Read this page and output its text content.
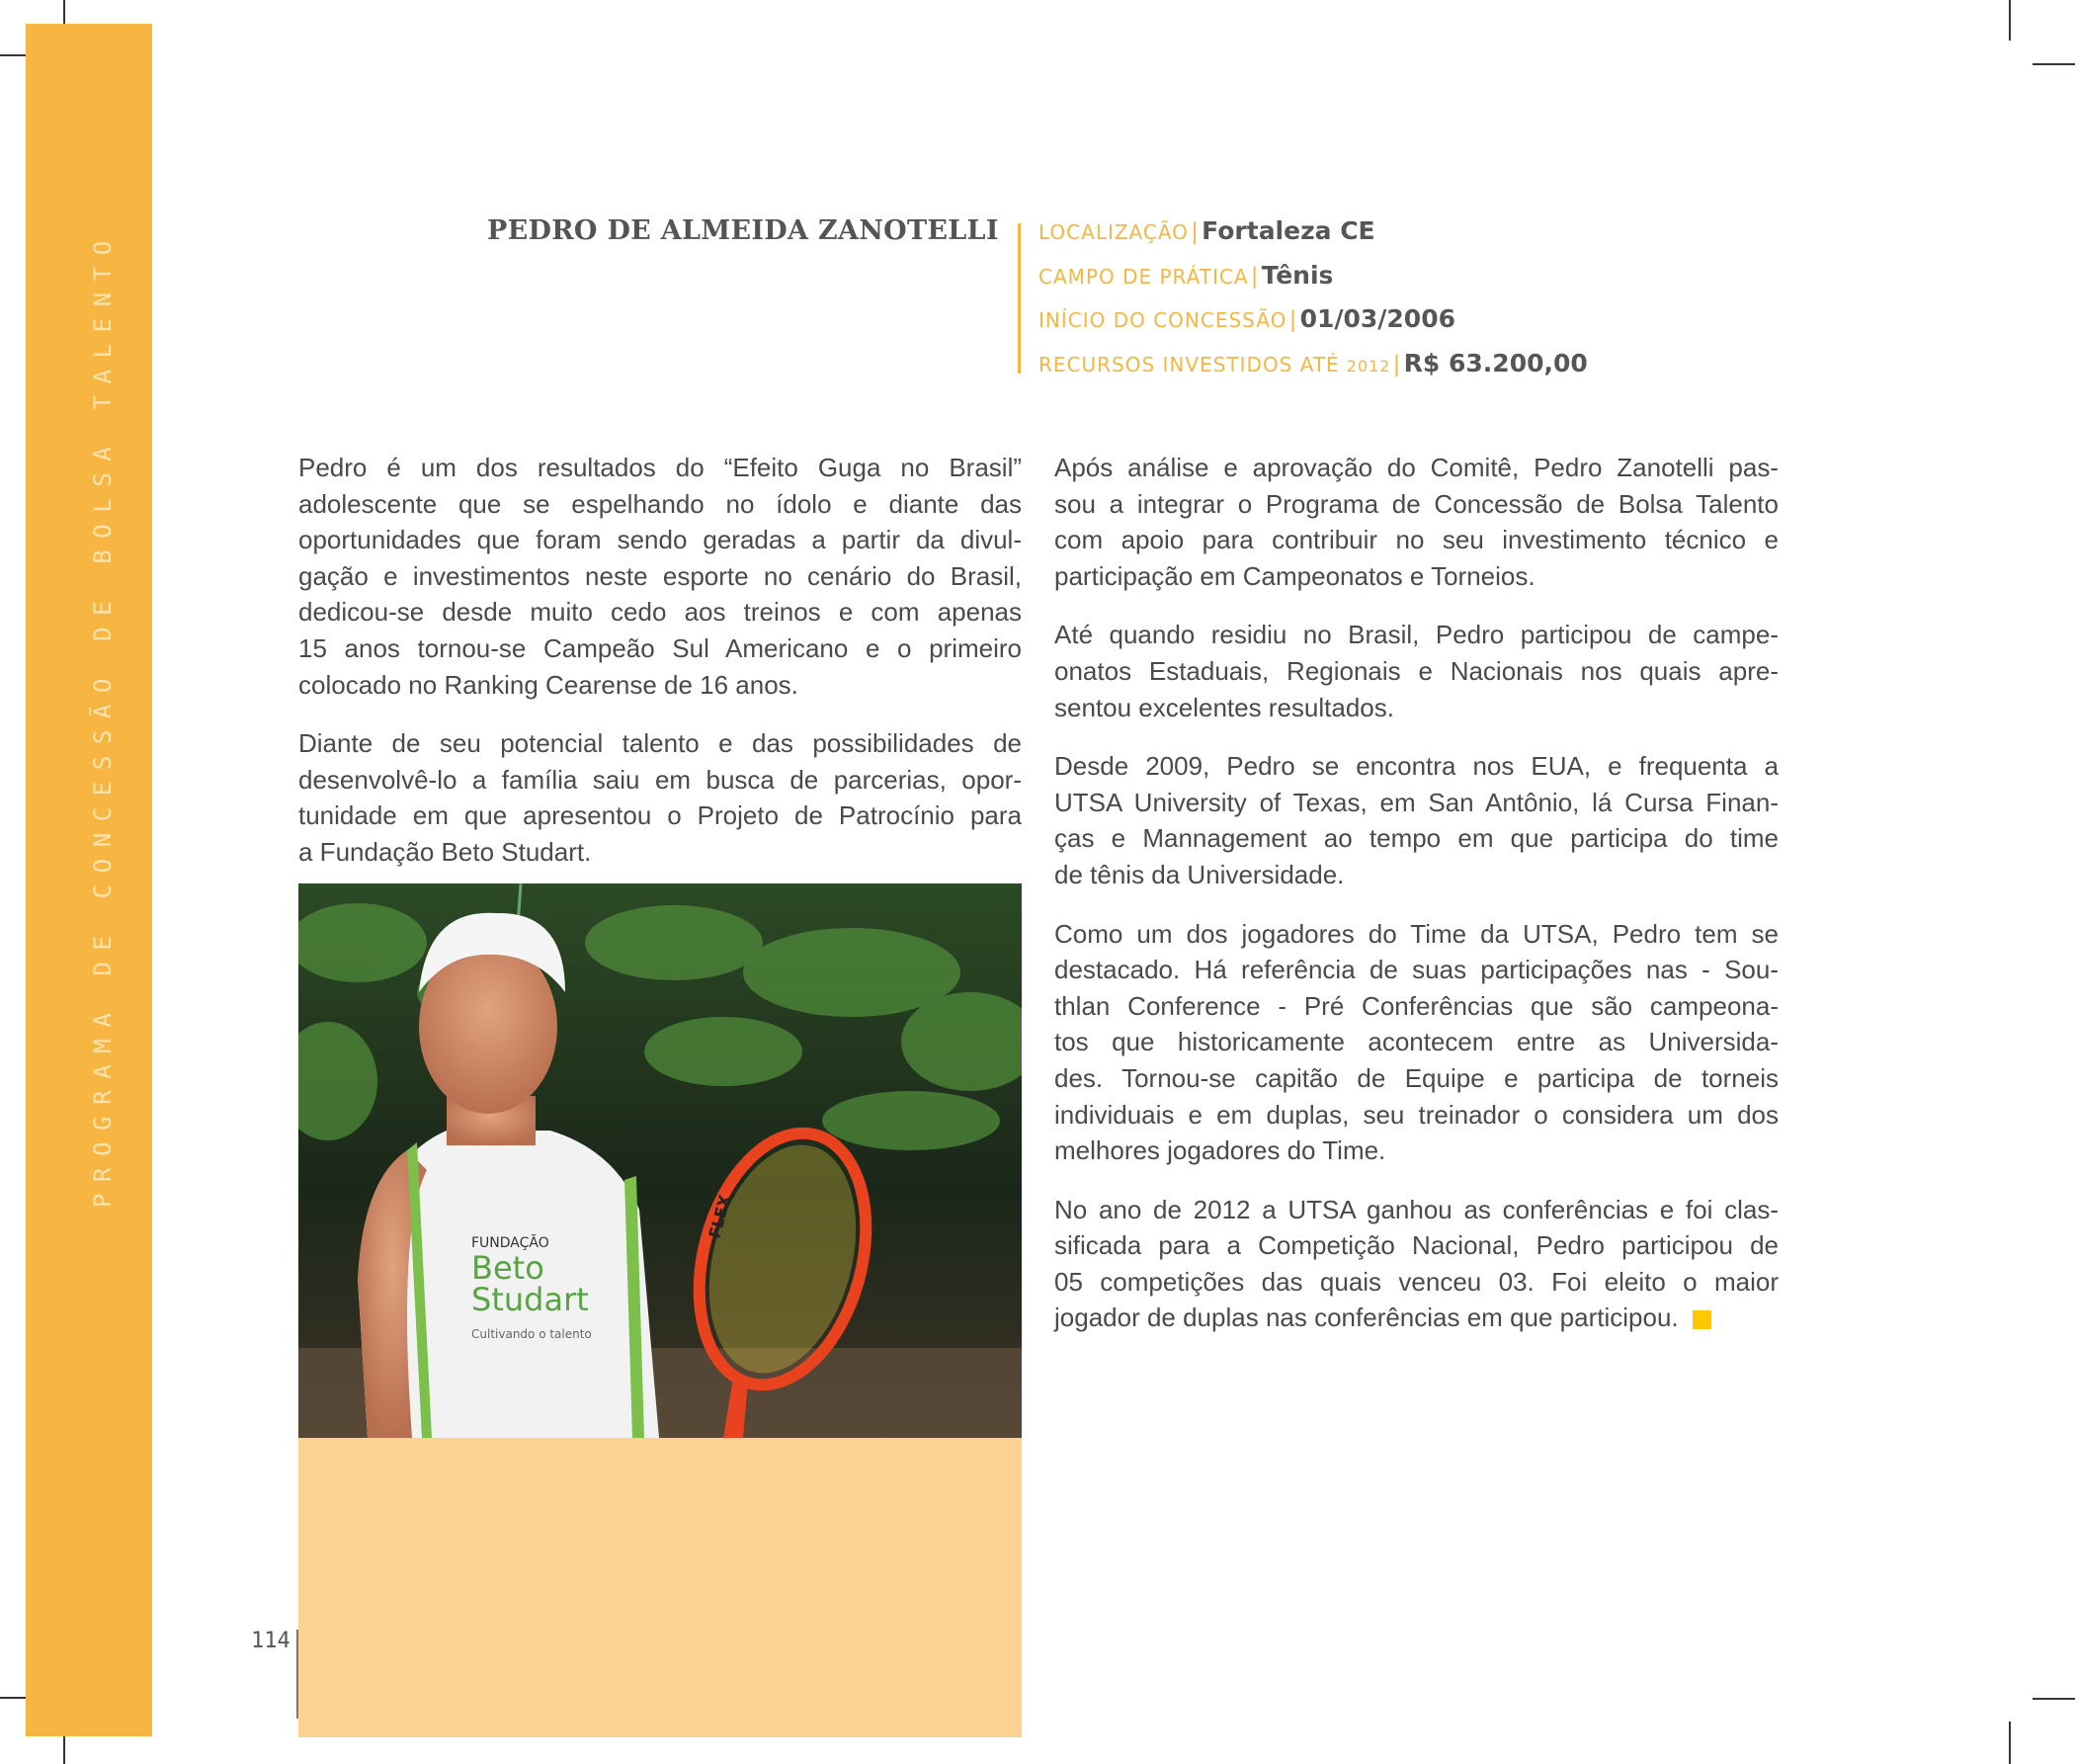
PROGRAMA DE CONCESSÃO DE BOLSA TALENTO	PEDRO DE ALMEIDA ZANOTELLI	LOCALIZAÇÃO | Fortaleza CE
CAMPO DE PRÁTICA | Tênis
INÍCIO DO CONCESSÃO | 01/03/2006
RECURSOS INVESTIDOS ATÉ 2012 | R$ 63.200,00

Pedro é um dos resultados do “Efeito Guga no Brasil”
adolescente que se espelhando no ídolo e diante das
oportunidades que foram sendo geradas a partir da divul-
gação e investimentos neste esporte no cenário do Brasil,
dedicou-se desde muito cedo aos treinos e com apenas
15 anos tornou-se Campeão Sul Americano e o primeiro
colocado no Ranking Cearense de 16 anos.

Diante de seu potencial talento e das possibilidades de
desenvolvê-lo a família saiu em busca de parcerias, opor-
tunidade em que apresentou o Projeto de Patrocínio para
a Fundação Beto Studart.

FUNDAÇÃO
Beto
Studart
Cultivando o talento
FLEX

Após análise e aprovação do Comitê, Pedro Zanotelli pas-
sou a integrar o Programa de Concessão de Bolsa Talento
com apoio para contribuir no seu investimento técnico e
participação em Campeonatos e Torneios.

Até quando residiu no Brasil, Pedro participou de campe-
onatos Estaduais, Regionais e Nacionais nos quais apre-
sentou excelentes resultados.

Desde 2009, Pedro se encontra nos EUA, e frequenta a
UTSA University of Texas, em San Antônio, lá Cursa Finan-
ças e Mannagement ao tempo em que participa do time
de tênis da Universidade.

Como um dos jogadores do Time da UTSA, Pedro tem se
destacado. Há referência de suas participações nas - Sou-
thlan Conference - Pré Conferências que são campeona-
tos que historicamente acontecem entre as Universida-
des. Tornou-se capitão de Equipe e participa de torneis
individuais e em duplas, seu treinador o considera um dos
melhores jogadores do Time.

No ano de 2012 a UTSA ganhou as conferências e foi clas-
sificada para a Competição Nacional, Pedro participou de
05 competições das quais venceu 03. Foi eleito o maior
jogador de duplas nas conferências em que participou.

114
